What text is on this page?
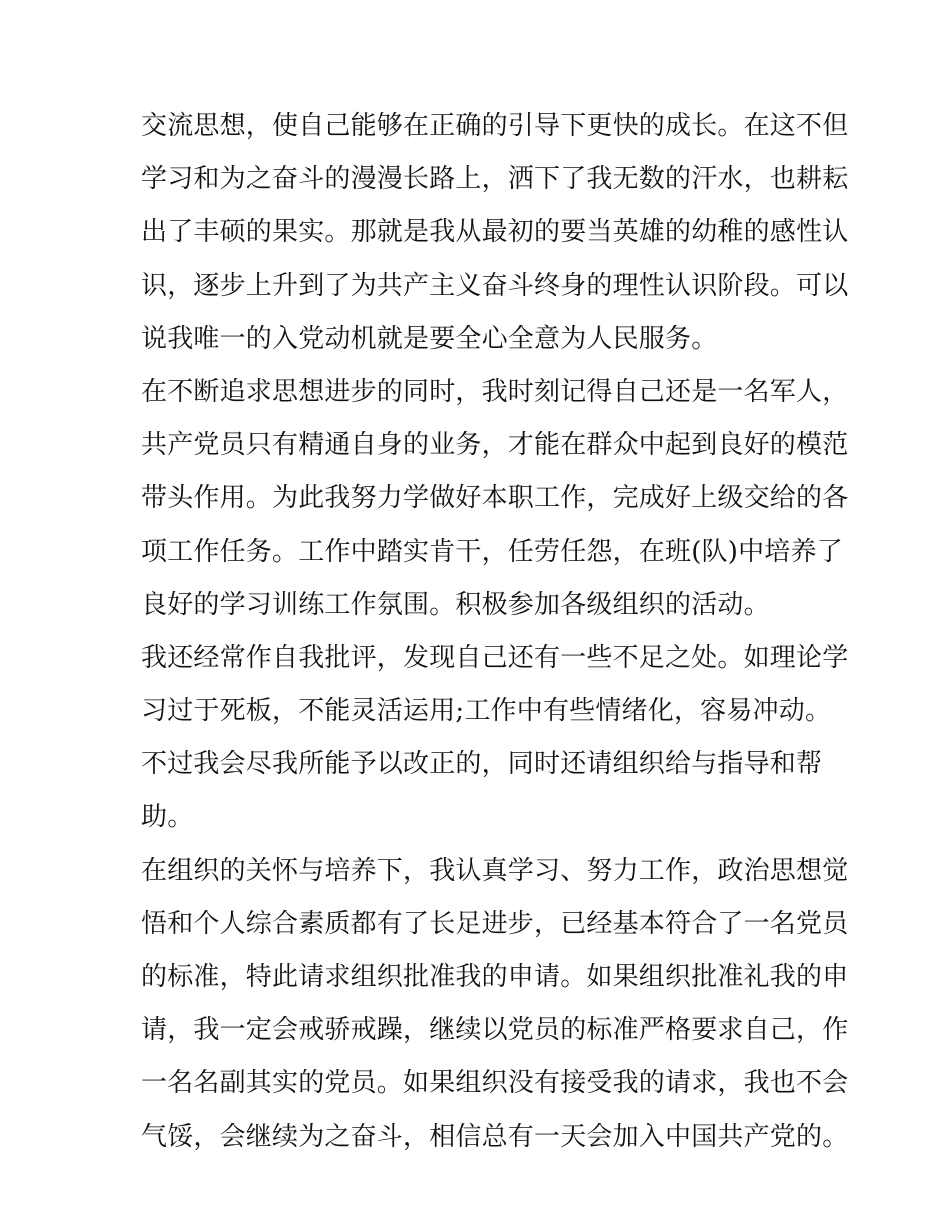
交流思想，使自己能够在正确的引导下更快的成长。在这不但
学习和为之奋斗的漫漫长路上，洒下了我无数的汗水，也耕耘
出了丰硕的果实。那就是我从最初的要当英雄的幼稚的感性认
识，逐步上升到了为共产主义奋斗终身的理性认识阶段。可以
说我唯一的入党动机就是要全心全意为人民服务。
在不断追求思想进步的同时，我时刻记得自己还是一名军人，
共产党员只有精通自身的业务，才能在群众中起到良好的模范
带头作用。为此我努力学做好本职工作，完成好上级交给的各
项工作任务。工作中踏实肯干，任劳任怨，在班(队)中培养了
良好的学习训练工作氛围。积极参加各级组织的活动。
我还经常作自我批评，发现自己还有一些不足之处。如理论学
习过于死板，不能灵活运用;工作中有些情绪化，容易冲动。
不过我会尽我所能予以改正的，同时还请组织给与指导和帮
助。
在组织的关怀与培养下，我认真学习、努力工作，政治思想觉
悟和个人综合素质都有了长足进步，已经基本符合了一名党员
的标准，特此请求组织批准我的申请。如果组织批准礼我的申
请，我一定会戒骄戒躁，继续以党员的标准严格要求自己，作
一名名副其实的党员。如果组织没有接受我的请求，我也不会
气馁，会继续为之奋斗，相信总有一天会加入中国共产党的。
